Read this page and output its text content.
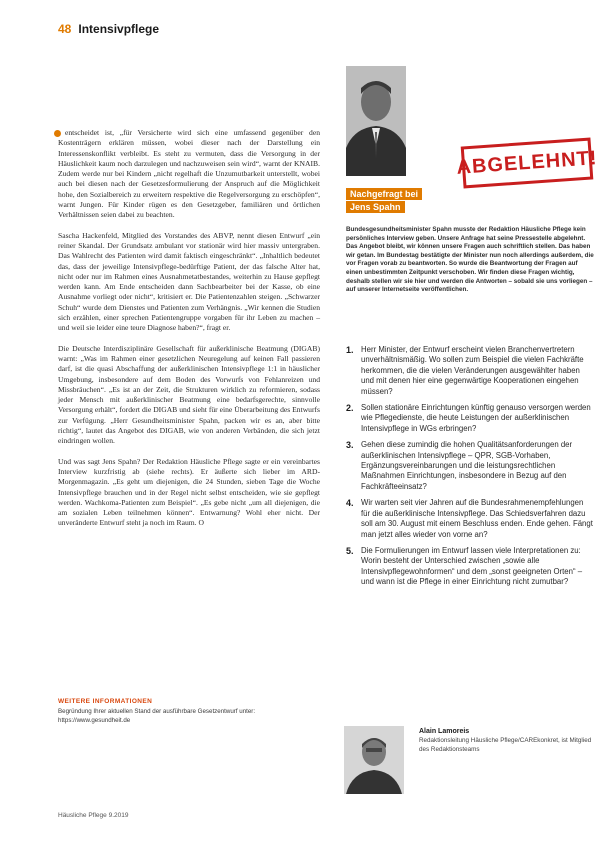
48 Intensivpflege

entscheidet ist, „für Versicherte wird sich eine umfassend gegenüber den Kostenträgern erklären müssen, wobei dieser nach der Darstellung ein Interessenskonflikt verbleibt. Es steht zu vermuten, dass die Versorgung in der Häuslichkeit kaum noch darzulegen und nachzuweisen sein wird“, warnt der KNAIB. Zudem werde nur bei Kindern „nicht regelhaft die Unzumutbarkeit unterstellt, wobei auch bei diesen nach der Gesetzesformulierung der Anspruch auf die Möglichkeit hohe, den Sozialbereich zu erweitern respektive die Regelversorgung zu erschöpfen“, warnt Jungen. Für Kinder rügen es den Gesetzgeber, familiären und örtlichen Verhältnissen seien dabei zu beachten.

Sascha Hackenfeld, Mitglied des Vorstandes des ABVP, nennt diesen Entwurf „ein reiner Skandal. Der Grundsatz ambulant vor stationär wird hier massiv untergraben. Das Wahlrecht des Patienten wird damit faktisch eingeschränkt“. „Inhaltlich bedeutet das, dass der jeweilige Intensivpflege-bedürftige Patient, der das falsche Alter hat, nicht oder nur im Rahmen eines Ausnahmetatbestandes, weiterhin zu Hause gepflegt werden kann. Am Ende entscheiden dann Sachbearbeiter bei der Kasse, ob eine Ausnahme vorliegt oder nicht“, kritisiert er. Die Patientenzahlen steigen. „Schwarzer Schuh“ wurde dem Dienstes und Patienten zum Verhängnis. „Wir kennen die Studien sich erzählen, einer sprechen Patientengruppe vorgaben für ihr Leben zu machen – und weil sie leider eine teure Diagnose haben?“, fragt er.

Die Deutsche Interdisziplinäre Gesellschaft für außerklinische Beatmung (DIGAB) warnt: „Was im Rahmen einer gesetzlichen Neuregelung auf keinen Fall passieren darf, ist die quasi Abschaffung der außerklinischen Intensivpflege 1:1 in häuslicher Umgebung, insbesondere auf dem Boden des Vorwurfs von Fehlanreizen und Missbräuchen“. „Es ist an der Zeit, die Strukturen wirklich zu reformieren, sodass jeder Mensch mit außerklinischer Beatmung eine bedarfsgerechte, sinnvolle Versorgung erhält“, fordert die DIGAB und sieht für eine Überarbeitung des Entwurfs zur Verfügung. „Herr Gesundheitsminister Spahn, packen wir es an, aber bitte richtig“, lautet das Angebot des DIGAB, wie von anderen Verbänden, die sich jetzt eindringen wollen.

Und was sagt Jens Spahn? Der Redaktion Häusliche Pflege sagte er ein vereinbartes Interview kurzfristig ab (siehe rechts). Er äußerte sich lieber im ARD-Morgenmagazin. „Es geht um diejenigen, die 24 Stunden, sieben Tage die Woche Intensivpflege brauchen und in der Regel nicht selbst entscheiden, wie sie gepflegt werden. Wachkoma-Patienten zum Beispiel“. „Es gebe nicht „um all diejenigen, die am sozialen Leben teilnehmen können“. Entwarnung? Wohl eher nicht. Der unveränderte Entwurf steht ja noch im Raum. O

WEITERE INFORMATIONEN
Begründung Ihrer aktuellen Stand der ausführbare Gesetzentwurf unter: https://www.gesundheit.de
Häusliche Pflege 9.2019
ABGELEHNT!
Nachgefragt bei
Jens Spahn
Bundesgesundheitsminister Spahn musste der Redaktion Häusliche Pflege kein persönliches Interview geben. Unsere Anfrage hat seine Pressestelle abgelehnt. Das Angebot bleibt, wir können unsere Fragen auch schriftlich stellen. Das haben wir getan. Im Bundestag bestätigte der Minister nun noch allerdings außerdem, die vor Fragen vorab zu beantworten. So wurde die Beantwortung der Fragen auf einen unbestimmten Zeitpunkt verschoben. Wir finden diese Fragen wichtig, deshalb stellen wir sie hier und werden die Antworten – sobald sie uns vorliegen – auf unserer Internetseite veröffentlichen.
1. Herr Minister, der Entwurf erscheint vielen Branchenvertretern unverhältnismäßig. Wo sollen zum Beispiel die vielen Fachkräfte herkommen, die die vielen Veränderungen ausgewählter haben und mit denen hier eine gegenwärtige Kooperationen eingehen müssen?
2. Sollen stationäre Einrichtungen künftig genauso versorgen werden wie Pflegedienste, die heute Leistungen der außerklinischen Intensivpflege in WGs erbringen?
3. Gehen diese zumindig die hohen Qualitätsanforderungen der außerklinischen Intensivpflege – QPR, SGB-Vorhaben, Ergänzungsvereinbarungen und die leistungsrechtlichen Maßnahmen Einrichtungen, insbesondere in Bezug auf den Fachkräfteeinsatz?
4. Wir warten seit vier Jahren auf die Bundesrahmenempfehlungen für die außerklinische Intensivpflege. Das Schiedsverfahren dazu soll am 30. August mit einem Beschluss enden. Ende gehen. Fängt man jetzt alles wieder von vorne an?
5. Die Formulierungen im Entwurf lassen viele Interpretationen zu: Worin besteht der Unterschied zwischen „sowie alle Intensivpflegewohnformen“ und dem „sonst geeigneten Orten“ – und wann ist die Pflege in einer Einrichtung nicht zumutbar?
Alain Lamoreis
Redaktionsleitung Häusliche Pflege/CAREkonkret, ist Mitglied des Redaktionsteams
